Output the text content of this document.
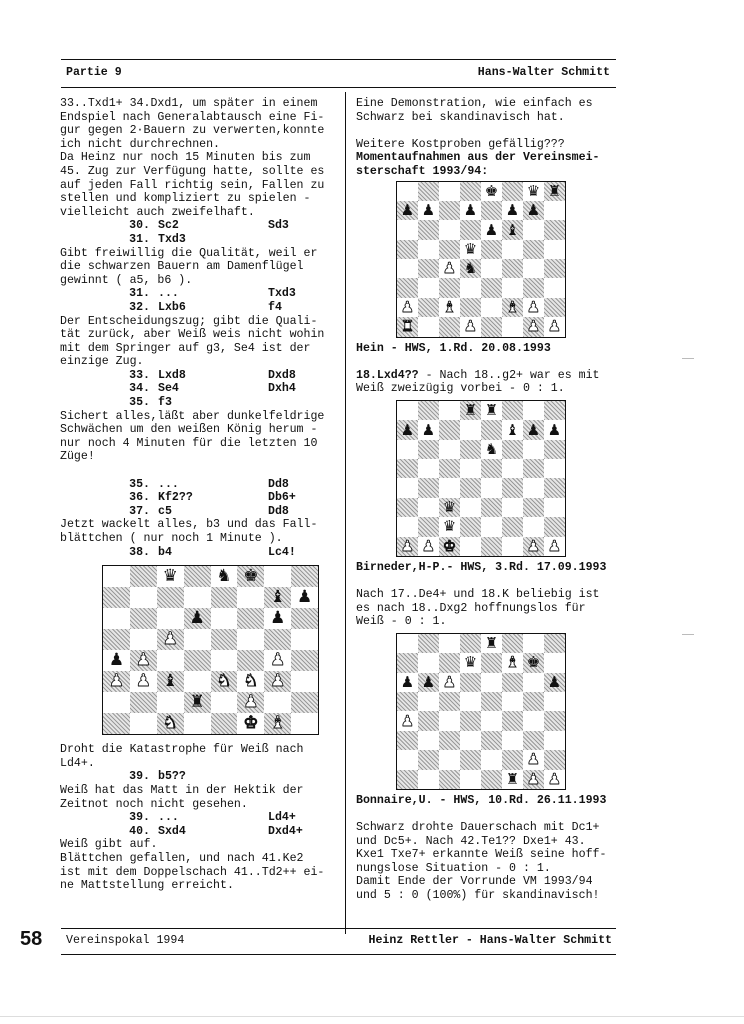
Partie 9	Hans-Walter Schmitt

33..Txd1+ 34.Dxd1, um später in einem
Endspiel nach Generalabtausch eine Fi-
gur gegen 2·Bauern zu verwerten,konnte
ich nicht durchrechnen.
Da Heinz nur noch 15 Minuten bis zum
45. Zug zur Verfügung hatte, sollte es
auf jeden Fall richtig sein, Fallen zu
stellen und kompliziert zu spielen -
vielleicht auch zweifelhaft.

30. Sc2	Sd3
31. Txd3

Gibt freiwillig die Qualität, weil er
die schwarzen Bauern am Damenflügel
gewinnt ( a5, b6 ).

31. ...	Txd3
32. Lxb6	f4

Der Entscheidungszug; gibt die Quali-
tät zurück, aber Weiß weis nicht wohin
mit dem Springer auf g3, Se4 ist der
einzige Zug.

33. Lxd8	Dxd8
34. Se4	Dxh4
35. f3

Sichert alles,läßt aber dunkelfeldrige
Schwächen um den weißen König herum -
nur noch 4 Minuten für die letzten 10
Züge!

35. ...	Dd8
36. Kf2??	Db6+
37. c5	Dd8

Jetzt wackelt alles, b3 und das Fall-
blättchen ( nur noch 1 Minute ).

38. b4	Lc4!
♛ ♞ ♚
♝ ♟
♟	♟
♟
♟ ♟	♟
♟ ♟ ♝ ♞ ♞ ♟
♜ ♟
♞	♚ ♝

Droht die Katastrophe für Weiß nach
Ld4+.

39. b5??

Weiß hat das Matt in der Hektik der
Zeitnot noch nicht gesehen.

39. ...	Ld4+
40. Sxd4	Dxd4+

Weiß gibt auf.
Blättchen gefallen, und nach 41.Ke2
ist mit dem Doppelschach 41..Td2++ ei-
ne Mattstellung erreicht.

Eine Demonstration, wie einfach es
Schwarz bei skandinavisch hat.

Weitere Kostproben gefällig???

Momentaufnahmen aus der Vereinsmei-
sterschaft 1993/94:

♚ ♛ ♜
♟ ♟ ♟ ♟ ♟
♟ ♝
♛
♟ ♞
♟ ♝	♝ ♟
♜	♟	♟ ♟

Hein - HWS, 1.Rd. 20.08.1993

18.Lxd4?? - Nach 18..g2+ war es mit
Weiß zweizügig vorbei - 0 : 1.

♜ ♜
♟ ♟	♝ ♟ ♟
♞
♛
♛
♟ ♟ ♚	♟ ♟

Birneder,H-P.- HWS, 3.Rd. 17.09.1993

Nach 17..De4+ und 18.K beliebig ist
es nach 18..Dxg2 hoffnungslos für
Weiß - 0 : 1.

♜
♛ ♝ ♚
♟ ♟ ♟	♟
♟
♟
♜ ♟ ♟

Bonnaire,U. - HWS, 10.Rd. 26.11.1993

Schwarz drohte Dauerschach mit Dc1+
und Dc5+. Nach 42.Te1?? Dxe1+ 43.
Kxe1 Txe7+ erkannte Weiß seine hoff-
nungslose Situation - 0 : 1.
Damit Ende der Vorrunde VM 1993/94
und 5 : 0 (100%) für skandinavisch!

58 Vereinspokal 1994	Heinz Rettler - Hans-Walter Schmitt
